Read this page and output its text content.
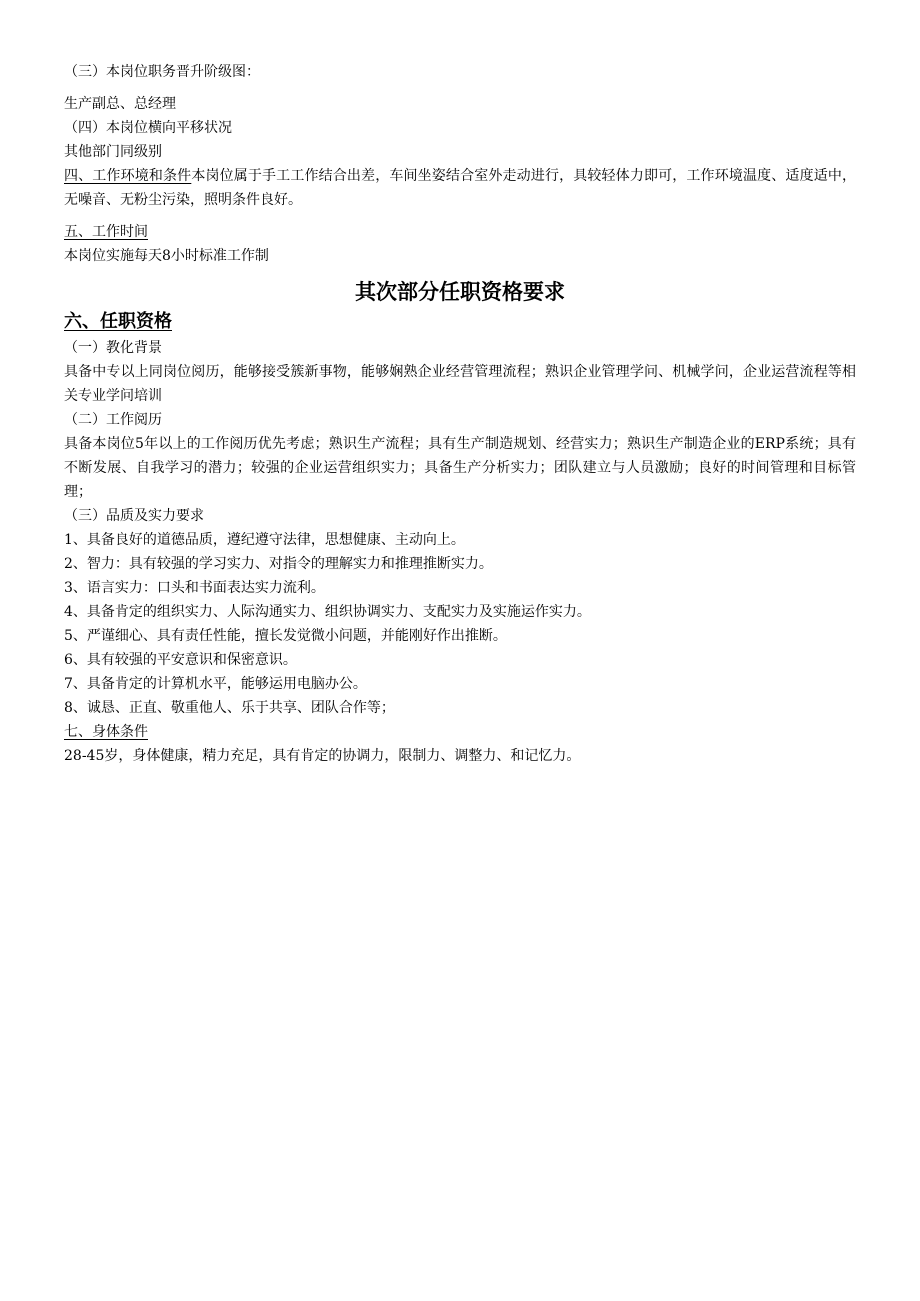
（三）本岗位职务晋升阶级图：

生产副总、总经理

（四）本岗位横向平移状况

其他部门同级别

四、工作环境和条件本岗位属于手工工作结合出差，车间坐姿结合室外走动进行，具较轻体力即可，工作环境温度、适度适中，无噪音、无粉尘污染，照明条件良好。

五、工作时间

本岗位实施每天8小时标准工作制

其次部分任职资格要求
六、任职资格

（一）教化背景

具备中专以上同岗位阅历，能够接受簇新事物，能够娴熟企业经营管理流程；熟识企业管理学问、机械学问，企业运营流程等相关专业学问培训

（二）工作阅历

具备本岗位5年以上的工作阅历优先考虑；熟识生产流程；具有生产制造规划、经营实力；熟识生产制造企业的ERP系统；具有不断发展、自我学习的潜力；较强的企业运营组织实力；具备生产分析实力；团队建立与人员激励；良好的时间管理和目标管理；

（三）品质及实力要求

1、具备良好的道德品质，遵纪遵守法律，思想健康、主动向上。

2、智力：具有较强的学习实力、对指令的理解实力和推理推断实力。

3、语言实力：口头和书面表达实力流利。

4、具备肯定的组织实力、人际沟通实力、组织协调实力、支配实力及实施运作实力。

5、严谨细心、具有责任性能，擅长发觉微小问题，并能刚好作出推断。

6、具有较强的平安意识和保密意识。

7、具备肯定的计算机水平，能够运用电脑办公。

8、诚恳、正直、敬重他人、乐于共享、团队合作等；

七、身体条件

28-45岁，身体健康，精力充足，具有肯定的协调力，限制力、调整力、和记忆力。
